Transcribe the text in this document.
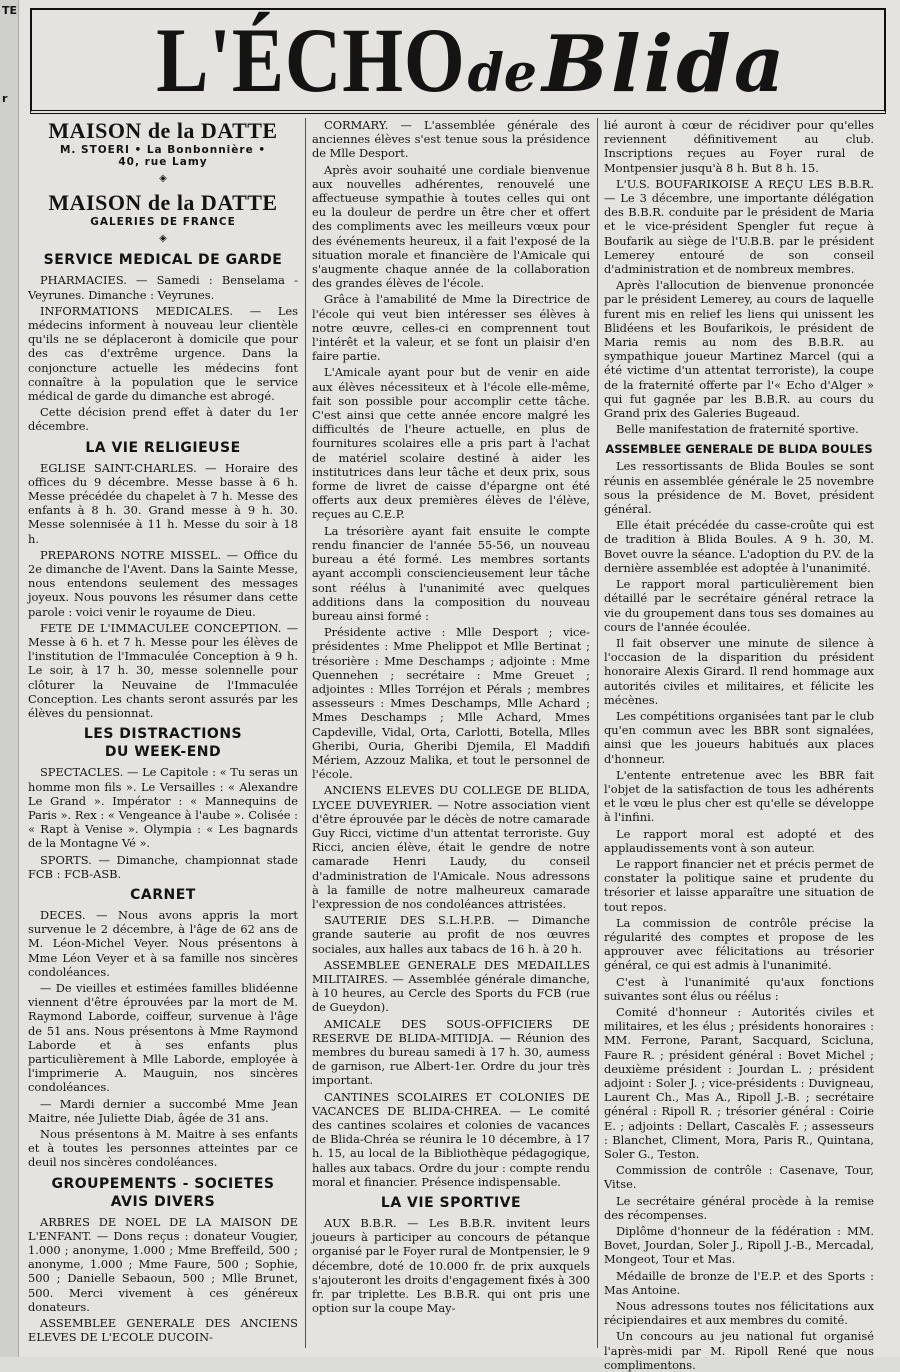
TE
r	L'ÉCHO de Blida
MAISON de la DATTE
M. STOERI • La Bonbonnière •
40, rue Lamy
◈
MAISON de la DATTE
GALERIES DE FRANCE
◈
SERVICE MEDICAL DE GARDE

PHARMACIES. — Samedi : Benselama - Veyrunes. Dimanche : Veyrunes.

INFORMATIONS MEDICALES. — Les médecins informent à nouveau leur clientèle qu'ils ne se déplaceront à domicile que pour des cas d'extrême urgence. Dans la conjoncture actuelle les médecins font connaître à la population que le service médical de garde du dimanche est abrogé.

Cette décision prend effet à dater du 1er décembre.

LA VIE RELIGIEUSE

EGLISE SAINT-CHARLES. — Horaire des offices du 9 décembre. Messe basse à 6 h. Messe précédée du chapelet à 7 h. Messe des enfants à 8 h. 30. Grand messe à 9 h. 30. Messe solennisée à 11 h. Messe du soir à 18 h.

PREPARONS NOTRE MISSEL. — Office du 2e dimanche de l'Avent. Dans la Sainte Messe, nous entendons seulement des messages joyeux. Nous pouvons les résumer dans cette parole : voici venir le royaume de Dieu.

FETE DE L'IMMACULEE CONCEPTION. — Messe à 6 h. et 7 h. Messe pour les élèves de l'institution de l'Immaculée Conception à 9 h. Le soir, à 17 h. 30, messe solennelle pour clôturer la Neuvaine de l'Immaculée Conception. Les chants seront assurés par les élèves du pensionnat.

LES DISTRACTIONS
DU WEEK-END

SPECTACLES. — Le Capitole : « Tu seras un homme mon fils ». Le Versailles : « Alexandre Le Grand ». Impérator : « Mannequins de Paris ». Rex : « Vengeance à l'aube ». Colisée : « Rapt à Venise ». Olympia : « Les bagnards de la Montagne Vé ».

SPORTS. — Dimanche, championnat stade FCB : FCB-ASB.

CARNET

DECES. — Nous avons appris la mort survenue le 2 décembre, à l'âge de 62 ans de M. Léon-Michel Veyer. Nous présentons à Mme Léon Veyer et à sa famille nos sincères condoléances.

— De vieilles et estimées familles blidéenne viennent d'être éprouvées par la mort de M. Raymond Laborde, coiffeur, survenue à l'âge de 51 ans. Nous présentons à Mme Raymond Laborde et à ses enfants plus particulièrement à Mlle Laborde, employée à l'imprimerie A. Mauguin, nos sincères condoléances.

— Mardi dernier a succombé Mme Jean Maitre, née Juliette Diab, âgée de 31 ans.

Nous présentons à M. Maitre à ses enfants et à toutes les personnes atteintes par ce deuil nos sincères condoléances.

GROUPEMENTS - SOCIETES
AVIS DIVERS

ARBRES DE NOEL DE LA MAISON DE L'ENFANT. — Dons reçus : donateur Vougier, 1.000 ; anonyme, 1.000 ; Mme Breffeild, 500 ; anonyme, 1.000 ; Mme Faure, 500 ; Sophie, 500 ; Danielle Sebaoun, 500 ; Mlle Brunet, 500. Merci vivement à ces généreux donateurs.

ASSEMBLEE GENERALE DES ANCIENS ELEVES DE L'ECOLE DUCOIN-

CORMARY. — L'assemblée générale des anciennes élèves s'est tenue sous la présidence de Mlle Desport.

Après avoir souhaité une cordiale bienvenue aux nouvelles adhérentes, renouvelé une affectueuse sympathie à toutes celles qui ont eu la douleur de perdre un être cher et offert des compliments avec les meilleurs vœux pour des événements heureux, il a fait l'exposé de la situation morale et financière de l'Amicale qui s'augmente chaque année de la collaboration des grandes élèves de l'école.

Grâce à l'amabilité de Mme la Directrice de l'école qui veut bien intéresser ses élèves à notre œuvre, celles-ci en comprennent tout l'intérêt et la valeur, et se font un plaisir d'en faire partie.

L'Amicale ayant pour but de venir en aide aux élèves nécessiteux et à l'école elle-même, fait son possible pour accomplir cette tâche. C'est ainsi que cette année encore malgré les difficultés de l'heure actuelle, en plus de fournitures scolaires elle a pris part à l'achat de matériel scolaire destiné à aider les institutrices dans leur tâche et deux prix, sous forme de livret de caisse d'épargne ont été offerts aux deux premières élèves de l'élève, reçues au C.E.P.

La trésorière ayant fait ensuite le compte rendu financier de l'année 55-56, un nouveau bureau a été formé. Les membres sortants ayant accompli consciencieusement leur tâche sont réélus à l'unanimité avec quelques additions dans la composition du nouveau bureau ainsi formé :

Présidente active : Mlle Desport ; vice-présidentes : Mme Phelippot et Mlle Bertinat ; trésorière : Mme Deschamps ; adjointe : Mme Quennehen ; secrétaire : Mme Greuet ; adjointes : Mlles Torréjon et Pérals ; membres assesseurs : Mmes Deschamps, Mlle Achard ; Mmes Deschamps ; Mlle Achard, Mmes Capdeville, Vidal, Orta, Carlotti, Botella, Mlles Gheribi, Ouria, Gheribi Djemila, El Maddifi Mériem, Azzouz Malika, et tout le personnel de l'école.

ANCIENS ELEVES DU COLLEGE DE BLIDA, LYCEE DUVEYRIER. — Notre association vient d'être éprouvée par le décès de notre camarade Guy Ricci, victime d'un attentat terroriste. Guy Ricci, ancien élève, était le gendre de notre camarade Henri Laudy, du conseil d'administration de l'Amicale. Nous adressons à la famille de notre malheureux camarade l'expression de nos condoléances attristées.

SAUTERIE DES S.L.H.P.B. — Dimanche grande sauterie au profit de nos œuvres sociales, aux halles aux tabacs de 16 h. à 20 h.

ASSEMBLEE GENERALE DES MEDAILLES MILITAIRES. — Assemblée générale dimanche, à 10 heures, au Cercle des Sports du FCB (rue de Gueydon).

AMICALE DES SOUS-OFFICIERS DE RESERVE DE BLIDA-MITIDJA. — Réunion des membres du bureau samedi à 17 h. 30, aumess de garnison, rue Albert-1er. Ordre du jour très important.

CANTINES SCOLAIRES ET COLONIES DE VACANCES DE BLIDA-CHREA. — Le comité des cantines scolaires et colonies de vacances de Blida-Chréa se réunira le 10 décembre, à 17 h. 15, au local de la Bibliothèque pédagogique, halles aux tabacs. Ordre du jour : compte rendu moral et financier. Présence indispensable.

LA VIE SPORTIVE

AUX B.B.R. — Les B.B.R. invitent leurs joueurs à participer au concours de pétanque organisé par le Foyer rural de Montpensier, le 9 décembre, doté de 10.000 fr. de prix auxquels s'ajouteront les droits d'engagement fixés à 300 fr. par triplette. Les B.B.R. qui ont pris une option sur la coupe May-

lié auront à cœur de récidiver pour qu'elles reviennent définitivement au club. Inscriptions reçues au Foyer rural de Montpensier jusqu'à 8 h. But 8 h. 15.

L'U.S. BOUFARIKOISE A REÇU LES B.B.R. — Le 3 décembre, une importante délégation des B.B.R. conduite par le président de Maria et le vice-président Spengler fut reçue à Boufarik au siège de l'U.B.B. par le président Lemerey entouré de son conseil d'administration et de nombreux membres.

Après l'allocution de bienvenue prononcée par le président Lemerey, au cours de laquelle furent mis en relief les liens qui unissent les Blidéens et les Boufarikois, le président de Maria remis au nom des B.B.R. au sympathique joueur Martinez Marcel (qui a été victime d'un attentat terroriste), la coupe de la fraternité offerte par l'« Echo d'Alger » qui fut gagnée par les B.B.R. au cours du Grand prix des Galeries Bugeaud.

Belle manifestation de fraternité sportive.

ASSEMBLEE GENERALE DE BLIDA BOULES

Les ressortissants de Blida Boules se sont réunis en assemblée générale le 25 novembre sous la présidence de M. Bovet, président général.

Elle était précédée du casse-croûte qui est de tradition à Blida Boules. A 9 h. 30, M. Bovet ouvre la séance. L'adoption du P.V. de la dernière assemblée est adoptée à l'unanimité.

Le rapport moral particulièrement bien détaillé par le secrétaire général retrace la vie du groupement dans tous ses domaines au cours de l'année écoulée.

Il fait observer une minute de silence à l'occasion de la disparition du président honoraire Alexis Girard. Il rend hommage aux autorités civiles et militaires, et félicite les mécènes.

Les compétitions organisées tant par le club qu'en commun avec les BBR sont signalées, ainsi que les joueurs habitués aux places d'honneur.

L'entente entretenue avec les BBR fait l'objet de la satisfaction de tous les adhérents et le vœu le plus cher est qu'elle se développe à l'infini.

Le rapport moral est adopté et des applaudissements vont à son auteur.

Le rapport financier net et précis permet de constater la politique saine et prudente du trésorier et laisse apparaître une situation de tout repos.

La commission de contrôle précise la régularité des comptes et propose de les approuver avec félicitations au trésorier général, ce qui est admis à l'unanimité.

C'est à l'unanimité qu'aux fonctions suivantes sont élus ou réélus :

Comité d'honneur : Autorités civiles et militaires, et les élus ; présidents honoraires : MM. Ferrone, Parant, Sacquard, Scicluna, Faure R. ; président général : Bovet Michel ; deuxième président : Jourdan L. ; président adjoint : Soler J. ; vice-présidents : Duvigneau, Laurent Ch., Mas A., Ripoll J.-B. ; secrétaire général : Ripoll R. ; trésorier général : Coirie E. ; adjoints : Dellart, Cascalès F. ; assesseurs : Blanchet, Climent, Mora, Paris R., Quintana, Soler G., Teston.

Commission de contrôle : Casenave, Tour, Vitse.

Le secrétaire général procède à la remise des récompenses.

Diplôme d'honneur de la fédération : MM. Bovet, Jourdan, Soler J., Ripoll J.-B., Mercadal, Mongeot, Tour et Mas.

Médaille de bronze de l'E.P. et des Sports : Mas Antoine.

Nous adressons toutes nos félicitations aux récipiendaires et aux membres du comité.

Un concours au jeu national fut organisé l'après-midi par M. Ripoll René que nous complimentons.
